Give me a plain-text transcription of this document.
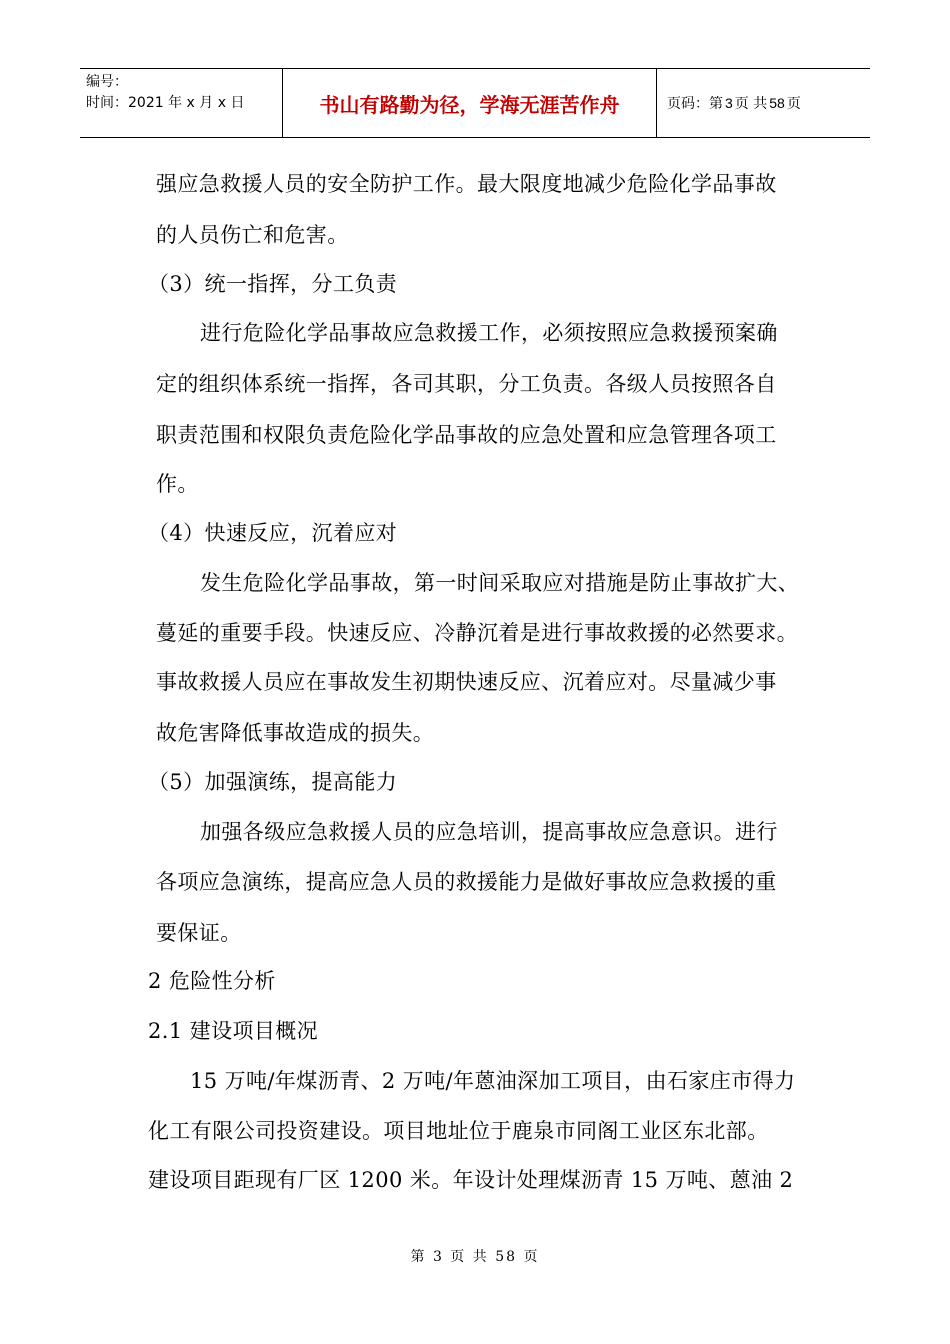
编号：
时间：2021 年 x 月 x 日	书山有路勤为径，学海无涯苦作舟	页码：第 3 页 共 58 页
强应急救援人员的安全防护工作。最大限度地减少危险化学品事故
的人员伤亡和危害。
（3）统一指挥，分工负责
进行危险化学品事故应急救援工作，必须按照应急救援预案确
定的组织体系统一指挥，各司其职，分工负责。各级人员按照各自
职责范围和权限负责危险化学品事故的应急处置和应急管理各项工
作。
（4）快速反应，沉着应对
发生危险化学品事故，第一时间采取应对措施是防止事故扩大、
蔓延的重要手段。快速反应、冷静沉着是进行事故救援的必然要求。
事故救援人员应在事故发生初期快速反应、沉着应对。尽量减少事
故危害降低事故造成的损失。
（5）加强演练，提高能力
加强各级应急救援人员的应急培训，提高事故应急意识。进行
各项应急演练，提高应急人员的救援能力是做好事故应急救援的重
要保证。
2 危险性分析
2.1 建设项目概况
15 万吨/年煤沥青、2 万吨/年蒽油深加工项目，由石家庄市得力
化工有限公司投资建设。项目地址位于鹿泉市同阁工业区东北部。
建设项目距现有厂区 1200 米。年设计处理煤沥青 15 万吨、蒽油 2
第 3 页 共 58 页
